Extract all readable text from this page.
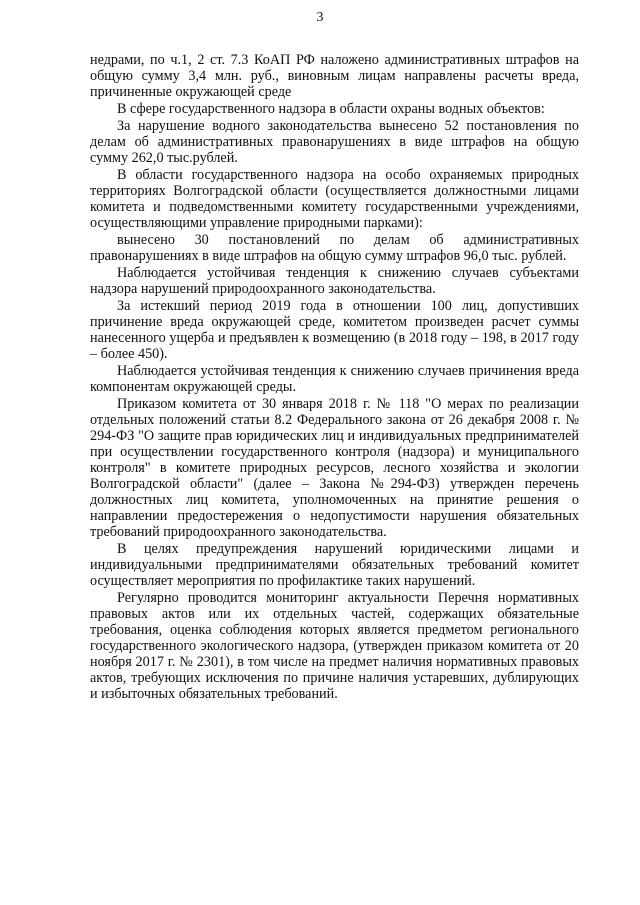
3

недрами, по ч.1, 2 ст. 7.3 КоАП РФ наложено административных штрафов на общую сумму 3,4 млн. руб., виновным лицам направлены расчеты вреда, причиненные окружающей среде

В сфере государственного надзора в области охраны водных объектов:

За нарушение водного законодательства вынесено 52 постановления по делам об административных правонарушениях в виде штрафов на общую сумму 262,0 тыс.рублей.

В области государственного надзора на особо охраняемых природных территориях Волгоградской области (осуществляется должностными лицами комитета и подведомственными комитету государственными учреждениями, осуществляющими управление природными парками):

вынесено 30 постановлений по делам об административных правонарушениях в виде штрафов на общую сумму штрафов 96,0 тыс. рублей.

Наблюдается устойчивая тенденция к снижению случаев субъектами надзора нарушений природоохранного законодательства.

За истекший период 2019 года в отношении 100 лиц, допустивших причинение вреда окружающей среде, комитетом произведен расчет суммы нанесенного ущерба и предъявлен к возмещению (в 2018 году – 198, в 2017 году – более 450).

Наблюдается устойчивая тенденция к снижению случаев причинения вреда компонентам окружающей среды.

Приказом комитета от 30 января 2018 г. № 118 "О мерах по реализации отдельных положений статьи 8.2 Федерального закона от 26 декабря 2008 г. № 294-ФЗ "О защите прав юридических лиц и индивидуальных предпринимателей при осуществлении государственного контроля (надзора) и муниципального контроля" в комитете природных ресурсов, лесного хозяйства и экологии Волгоградской области" (далее – Закона №294-ФЗ) утвержден перечень должностных лиц комитета, уполномоченных на принятие решения о направлении предостережения о недопустимости нарушения обязательных требований природоохранного законодательства.

В целях предупреждения нарушений юридическими лицами и индивидуальными предпринимателями обязательных требований комитет осуществляет мероприятия по профилактике таких нарушений.

Регулярно проводится мониторинг актуальности Перечня нормативных правовых актов или их отдельных частей, содержащих обязательные требования, оценка соблюдения которых является предметом регионального государственного экологического надзора, (утвержден приказом комитета от 20 ноября 2017 г. № 2301), в том числе на предмет наличия нормативных правовых актов, требующих исключения по причине наличия устаревших, дублирующих и избыточных обязательных требований.
